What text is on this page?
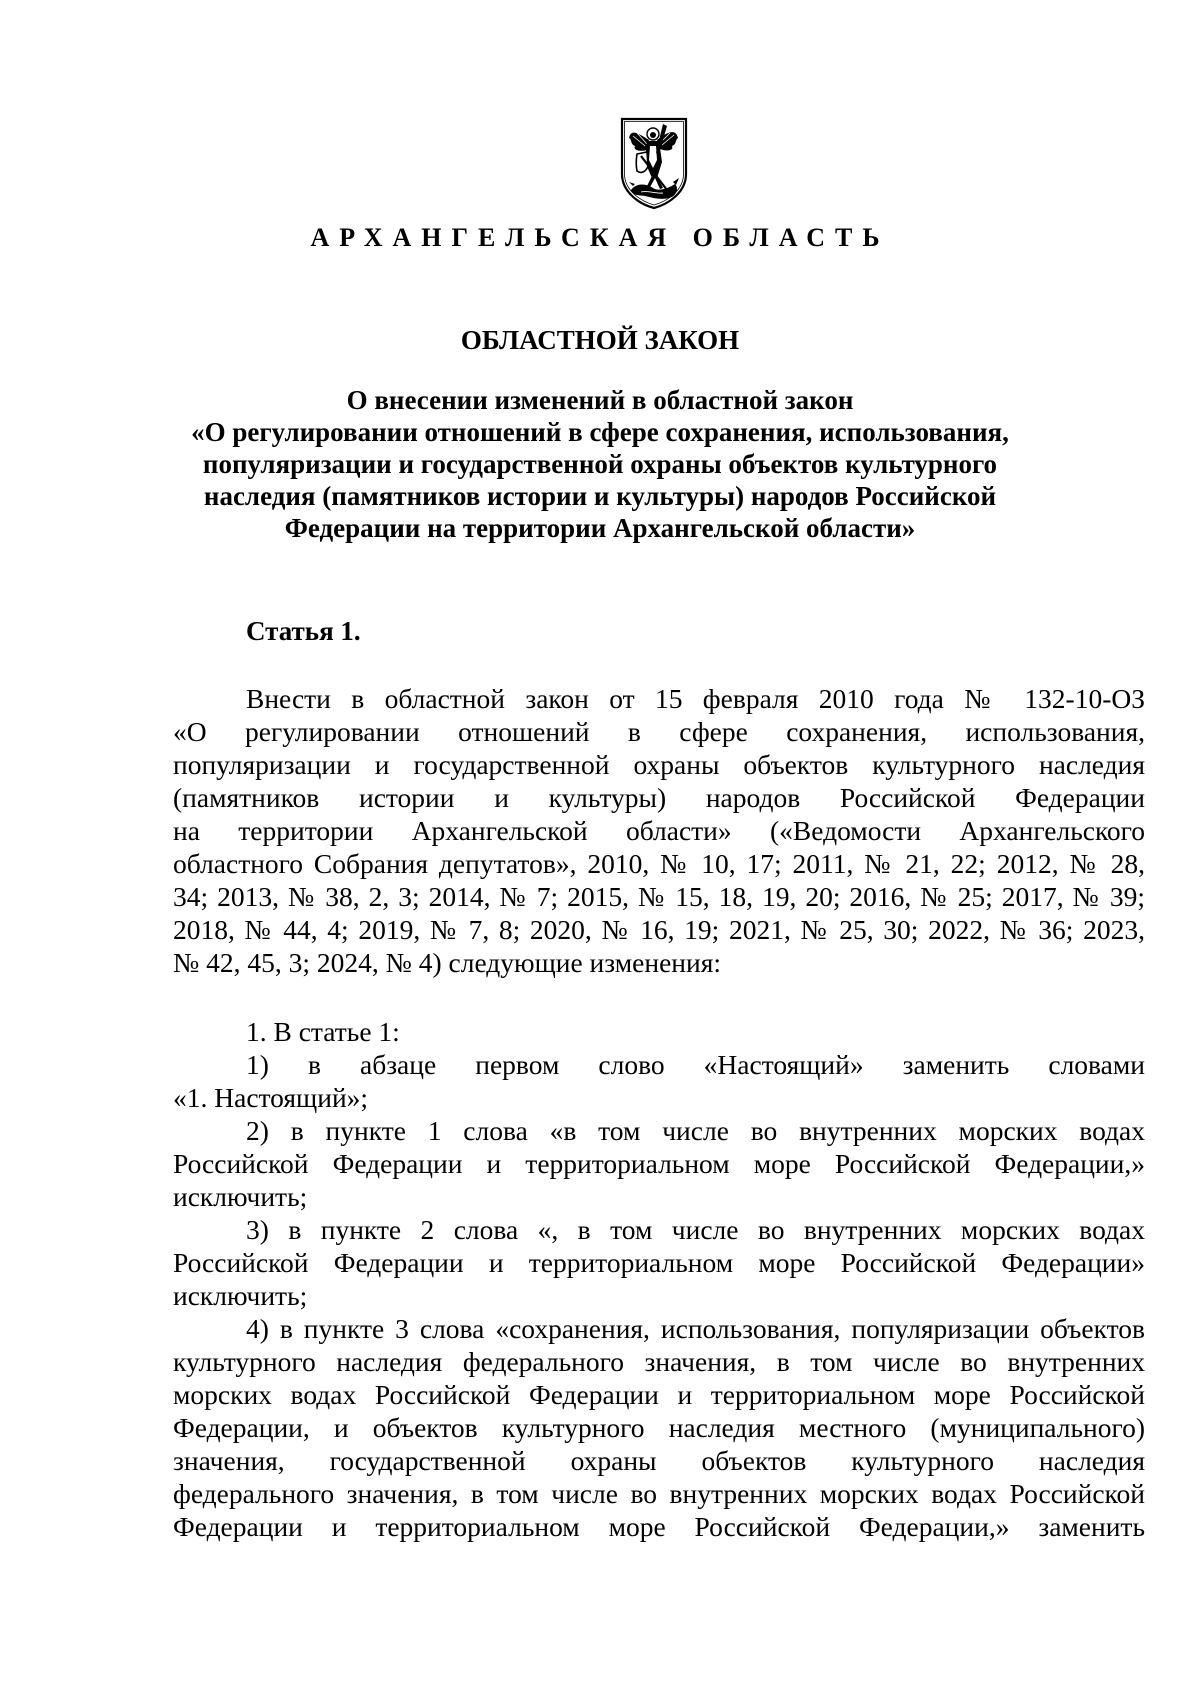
АРХАНГЕЛЬСКАЯ ОБЛАСТЬ
ОБЛАСТНОЙ ЗАКОН
О внесении изменений в областной закон
«О регулировании отношений в сфере сохранения, использования,
популяризации и государственной охраны объектов культурного
наследия (памятников истории и культуры) народов Российской
Федерации на территории Архангельской области»
Статья 1.
Внести в областной закон от 15 февраля 2010 года № 132-10-ОЗ
«О регулировании отношений в сфере сохранения, использования,
популяризации и государственной охраны объектов культурного наследия
(памятников истории и культуры) народов Российской Федерации
на территории Архангельской области» («Ведомости Архангельского
областного Собрания депутатов», 2010, № 10, 17; 2011, № 21, 22; 2012, № 28,
34; 2013, № 38, 2, 3; 2014, № 7; 2015, № 15, 18, 19, 20; 2016, № 25; 2017, № 39;
2018, № 44, 4; 2019, № 7, 8; 2020, № 16, 19; 2021, № 25, 30; 2022, № 36; 2023,
№ 42, 45, 3; 2024, № 4) следующие изменения:
1. В статье 1:
1) в абзаце первом слово «Настоящий» заменить словами
«1. Настоящий»;
2) в пункте 1 слова «в том числе во внутренних морских водах
Российской Федерации и территориальном море Российской Федерации,»
исключить;
3) в пункте 2 слова «, в том числе во внутренних морских водах
Российской Федерации и территориальном море Российской Федерации»
исключить;
4) в пункте 3 слова «сохранения, использования, популяризации объектов
культурного наследия федерального значения, в том числе во внутренних
морских водах Российской Федерации и территориальном море Российской
Федерации, и объектов культурного наследия местного (муниципального)
значения, государственной охраны объектов культурного наследия
федерального значения, в том числе во внутренних морских водах Российской
Федерации и территориальном море Российской Федерации,» заменить
